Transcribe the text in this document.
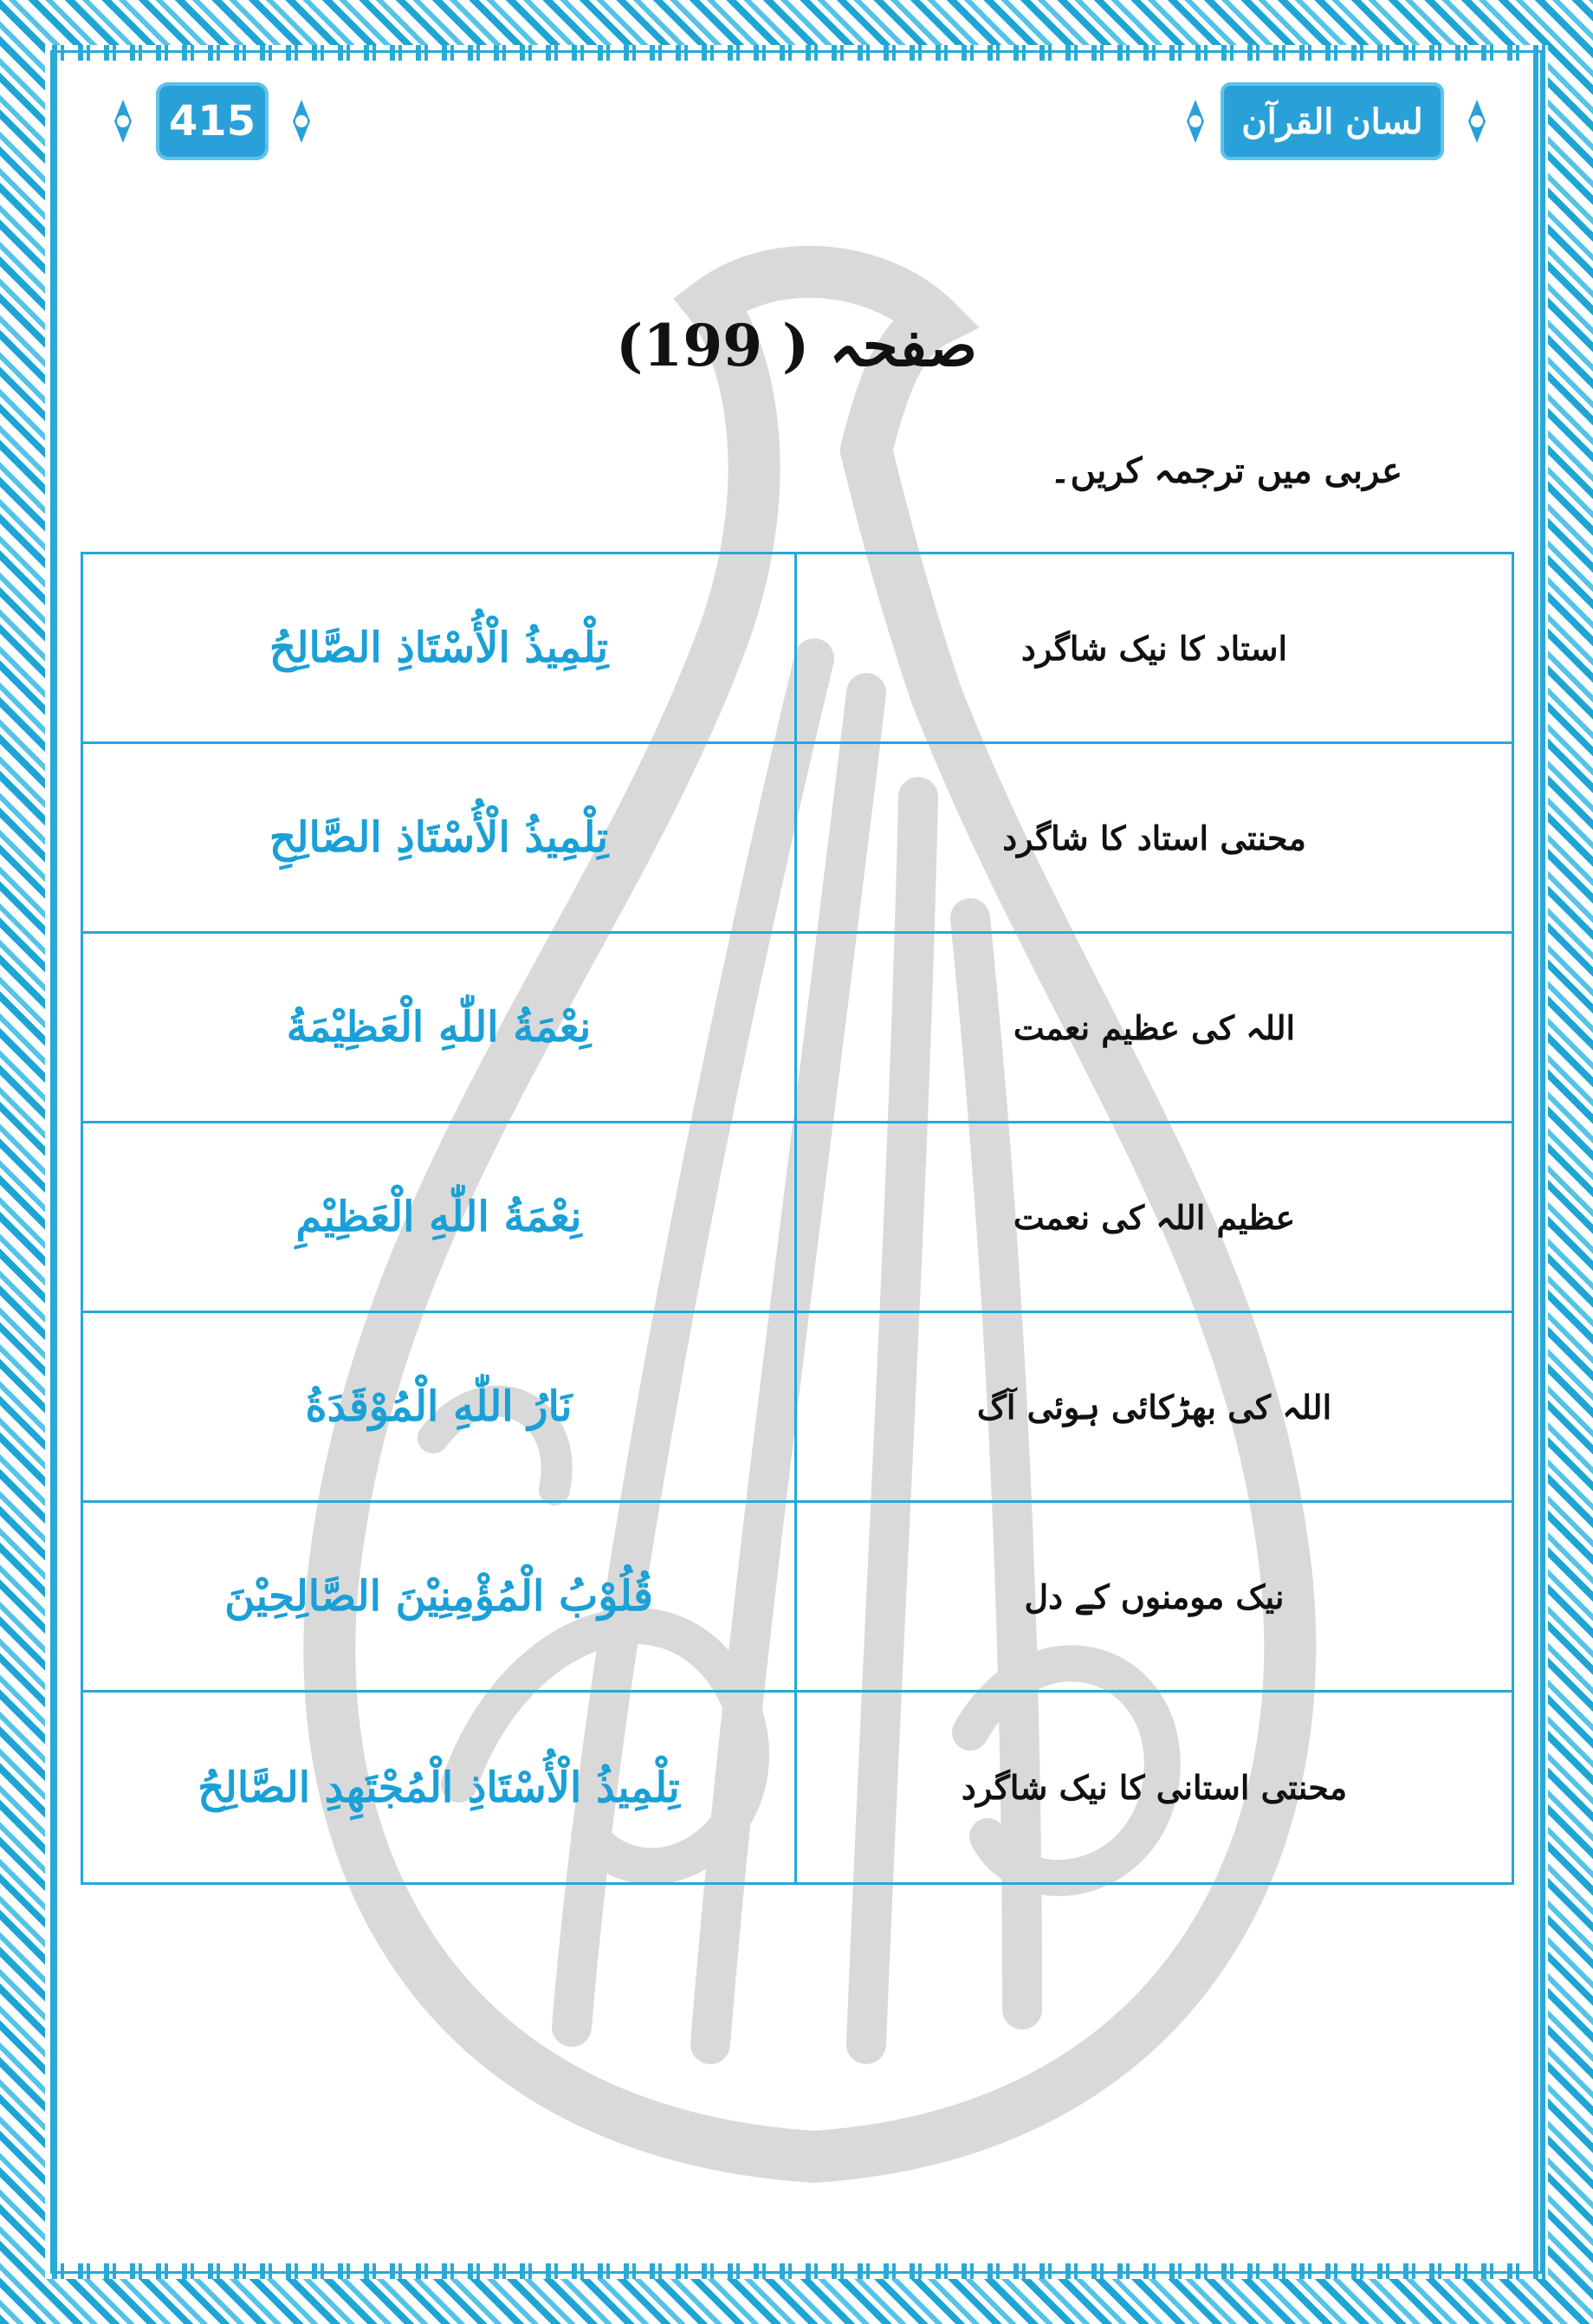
415	لسان القرآن
صفحہ ( 199)
عربی میں ترجمہ کریں۔
تِلْمِيذُ الْأُسْتَاذِ الصَّالِحُ	استاد کا نیک شاگرد
تِلْمِيذُ الْأُسْتَاذِ الصَّالِحِ	محنتی استاد کا شاگرد
نِعْمَةُ اللّٰهِ الْعَظِيْمَةُ	اللہ کی عظیم نعمت
نِعْمَةُ اللّٰهِ الْعَظِيْمِ	عظیم اللہ کی نعمت
نَارُ اللّٰهِ الْمُوْقَدَةُ	اللہ کی بھڑکائی ہوئی آگ
قُلُوْبُ الْمُؤْمِنِيْنَ الصَّالِحِيْنَ	نیک مومنوں کے دل
تِلْمِيذُ الْأُسْتَاذِ الْمُجْتَهِدِ الصَّالِحُ	محنتی استانی کا نیک شاگرد
